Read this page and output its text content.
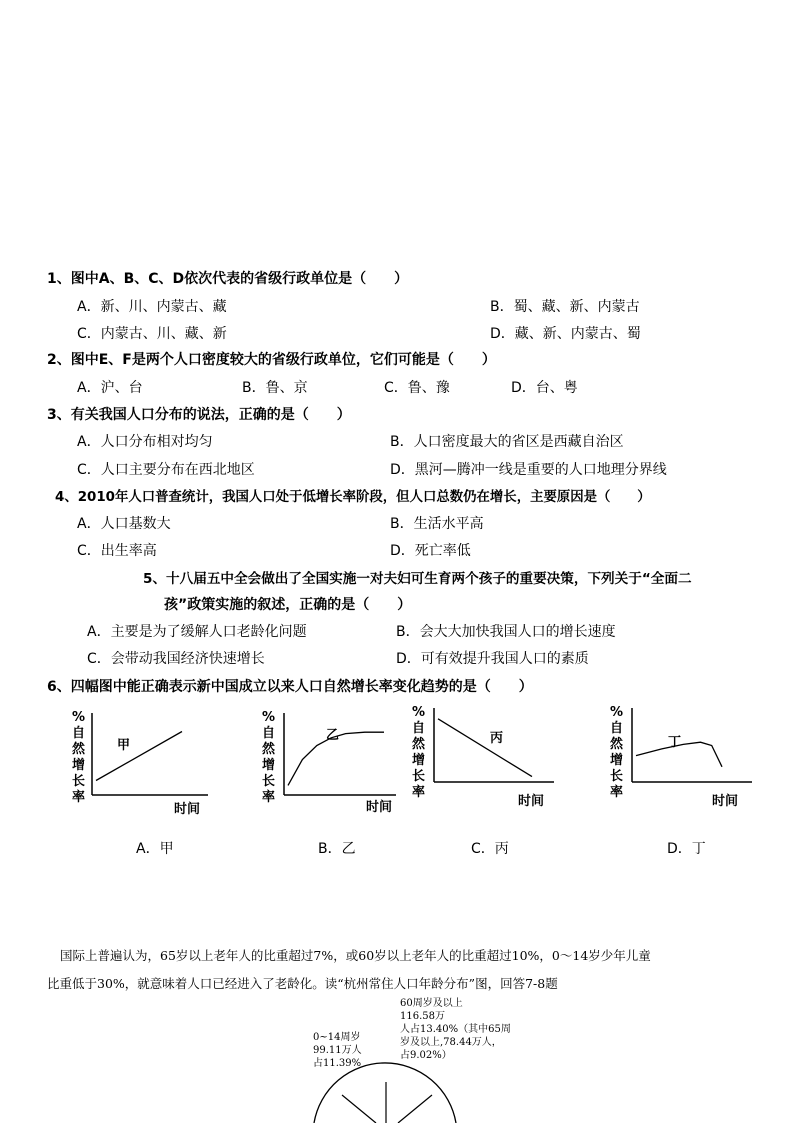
1、图中A、B、C、D依次代表的省级行政单位是（　　）
A．新、川、内蒙古、藏	B．蜀、藏、新、内蒙古
C．内蒙古、川、藏、新	D．藏、新、内蒙古、蜀
2、图中E、F是两个人口密度较大的省级行政单位，它们可能是（　　）
A．沪、台	B．鲁、京	C．鲁、豫	D．台、粤
3、有关我国人口分布的说法，正确的是（　　）
A．人口分布相对均匀	B．人口密度最大的省区是西藏自治区
C．人口主要分布在西北地区	D．黑河—腾冲一线是重要的人口地理分界线
4、2010年人口普查统计，我国人口处于低增长率阶段，但人口总数仍在增长，主要原因是（　　）
A．人口基数大	B．生活水平高
C．出生率高	D．死亡率低
5、十八届五中全会做出了全国实施一对夫妇可生育两个孩子的重要决策，下列关于“全面二
孩”政策实施的叙述，正确的是（　　）
A．主要是为了缓解人口老龄化问题	B．会大大加快我国人口的增长速度
C．会带动我国经济快速增长	D．可有效提升我国人口的素质
6、四幅图中能正确表示新中国成立以来人口自然增长率变化趋势的是（　　）
%
自
然
增
长
率
甲
时间
%
自
然
增
长
率
乙
时间
%
自
然
增
长
率
丙
时间
%
自
然
增
长
率
丁
时间
A．甲	B．乙	C．丙	D．丁
国际上普遍认为，65岁以上老年人的比重超过7%，或60岁以上老年人的比重超过10%，0～14岁少年儿童
比重低于30%，就意味着人口已经进入了老龄化。读“杭州常住人口年龄分布”图，回答7-8题
0~14周岁
99.11万人
占11.39%
60周岁及以上
116.58万
人占13.40%（其中65周
岁及以上,78.44万人，
占9.02%）
